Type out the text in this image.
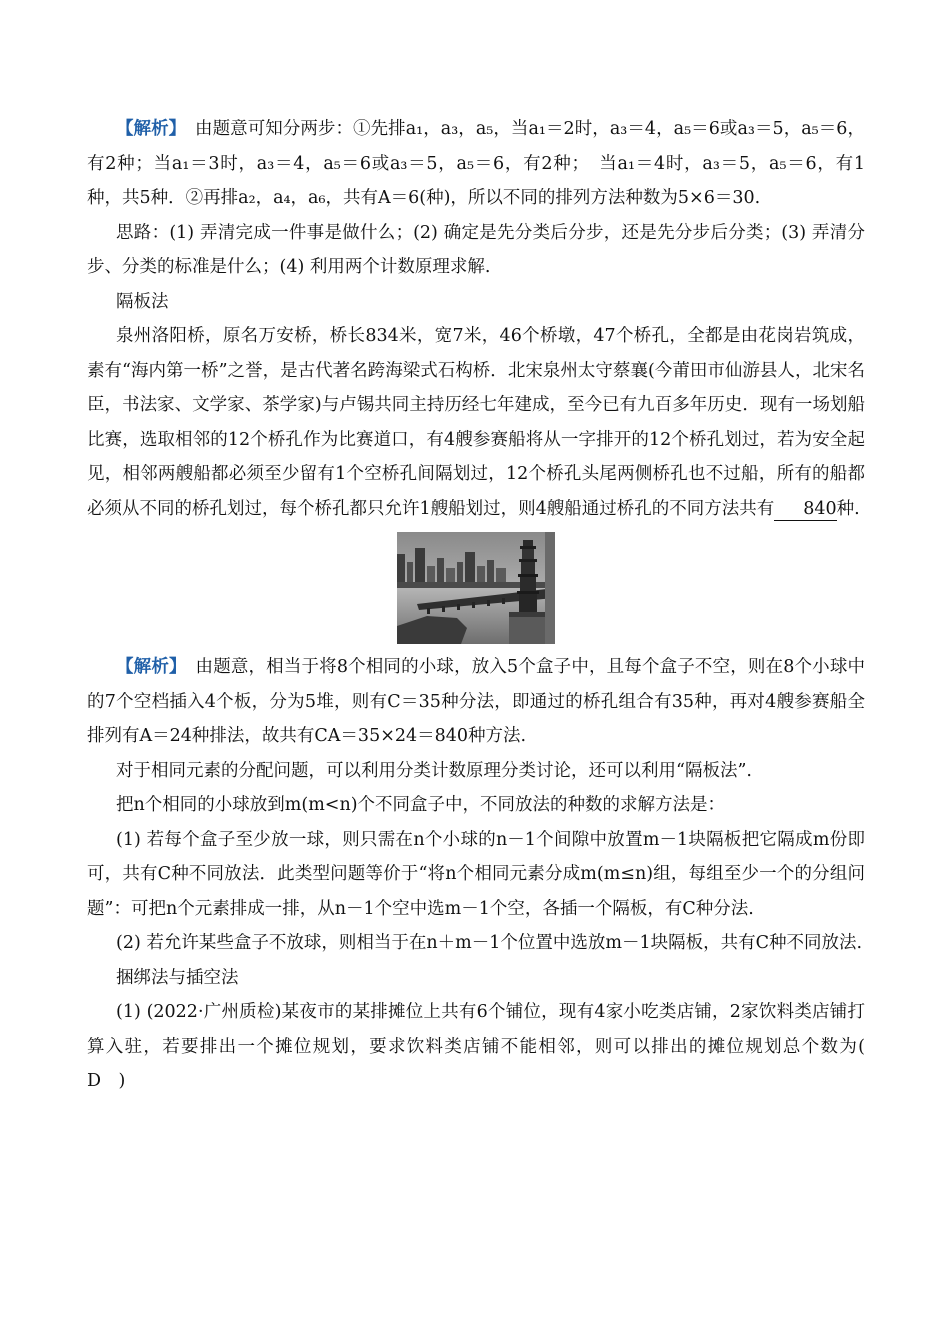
【解析】　由题意可知分两步：①先排a₁，a₃，a₅，当a₁＝2时，a₃＝4，a₅＝6或a₃＝5，a₅＝6，有2种；当a₁＝3时，a₃＝4，a₅＝6或a₃＝5，a₅＝6，有2种；　当a₁＝4时，a₃＝5，a₅＝6，有1种，共5种．②再排a₂，a₄，a₆，共有A＝6(种)，所以不同的排列方法种数为5×6＝30.

思路：(1) 弄清完成一件事是做什么；(2) 确定是先分类后分步，还是先分步后分类；(3) 弄清分步、分类的标准是什么；(4) 利用两个计数原理求解.

隔板法

泉州洛阳桥，原名万安桥，桥长834米，宽7米，46个桥墩，47个桥孔，全都是由花岗岩筑成，素有“海内第一桥”之誉，是古代著名跨海梁式石构桥．北宋泉州太守蔡襄(今莆田市仙游县人，北宋名臣，书法家、文学家、茶学家)与卢锡共同主持历经七年建成，至今已有九百多年历史．现有一场划船比赛，选取相邻的12个桥孔作为比赛道口，有4艘参赛船将从一字排开的12个桥孔划过，若为安全起见，相邻两艘船都必须至少留有1个空桥孔间隔划过，12个桥孔头尾两侧桥孔也不过船，所有的船都必须从不同的桥孔划过，每个桥孔都只允许1艘船划过，则4艘船通过桥孔的不同方法共有 840种.

【解析】　由题意，相当于将8个相同的小球，放入5个盒子中，且每个盒子不空，则在8个小球中的7个空档插入4个板，分为5堆，则有C＝35种分法，即通过的桥孔组合有35种，再对4艘参赛船全排列有A＝24种排法，故共有CA＝35×24＝840种方法.

对于相同元素的分配问题，可以利用分类计数原理分类讨论，还可以利用“隔板法”.

把n个相同的小球放到m(m<n)个不同盒子中，不同放法的种数的求解方法是：

(1) 若每个盒子至少放一球，则只需在n个小球的n－1个间隙中放置m－1块隔板把它隔成m份即可，共有C种不同放法．此类型问题等价于“将n个相同元素分成m(m≤n)组，每组至少一个的分组问题”：可把n个元素排成一排，从n－1个空中选m－1个空，各插一个隔板，有C种分法.

(2) 若允许某些盒子不放球，则相当于在n＋m－1个位置中选放m－1块隔板，共有C种不同放法.

捆绑法与插空法

(1) (2022·广州质检)某夜市的某排摊位上共有6个铺位，现有4家小吃类店铺，2家饮料类店铺打算入驻，若要排出一个摊位规划，要求饮料类店铺不能相邻，则可以排出的摊位规划总个数为(　D　)
